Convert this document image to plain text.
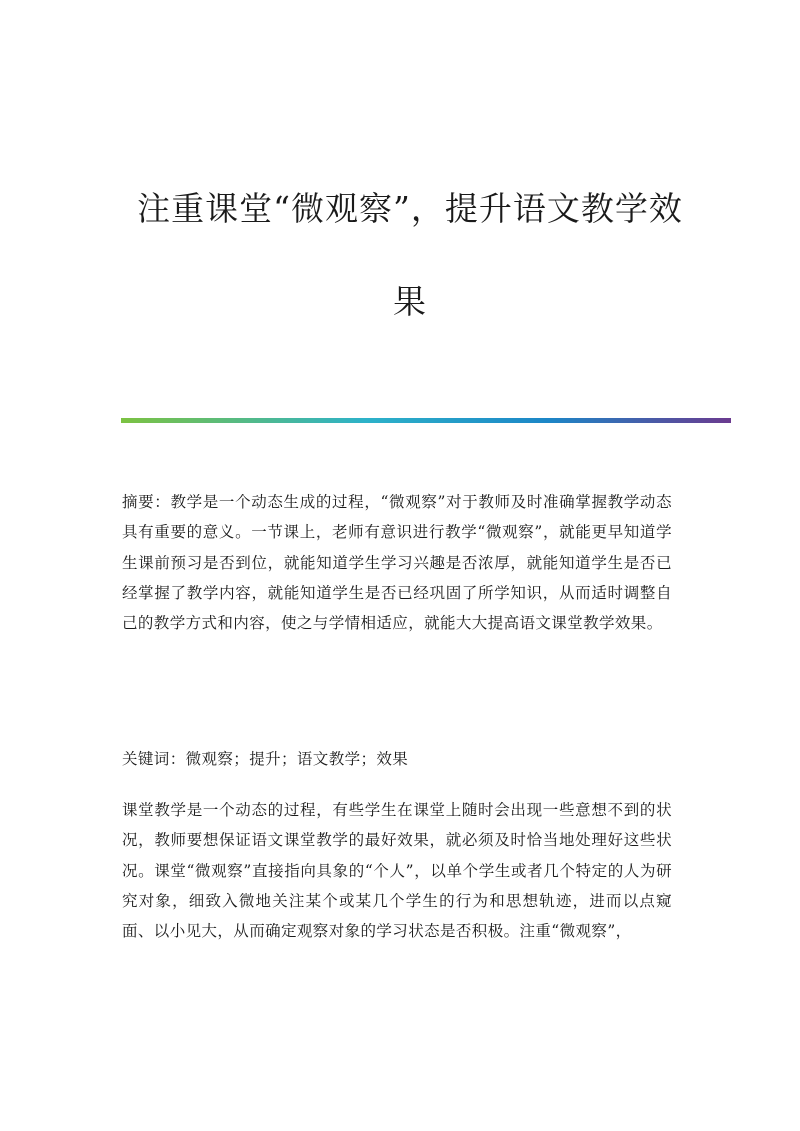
注重课堂“微观察”，提升语文教学效
果

摘要：教学是一个动态生成的过程，“微观察”对于教师及时准确掌握教学动态具有重要的意义。一节课上，老师有意识进行教学“微观察”，就能更早知道学生课前预习是否到位，就能知道学生学习兴趣是否浓厚，就能知道学生是否已经掌握了教学内容，就能知道学生是否已经巩固了所学知识，从而适时调整自己的教学方式和内容，使之与学情相适应，就能大大提高语文课堂教学效果。

关键词：微观察；提升；语文教学；效果

课堂教学是一个动态的过程，有些学生在课堂上随时会出现一些意想不到的状况，教师要想保证语文课堂教学的最好效果，就必须及时恰当地处理好这些状况。课堂“微观察”直接指向具象的“个人”，以单个学生或者几个特定的人为研究对象，细致入微地关注某个或某几个学生的行为和思想轨迹，进而以点窥面、以小见大，从而确定观察对象的学习状态是否积极。注重“微观察”，
